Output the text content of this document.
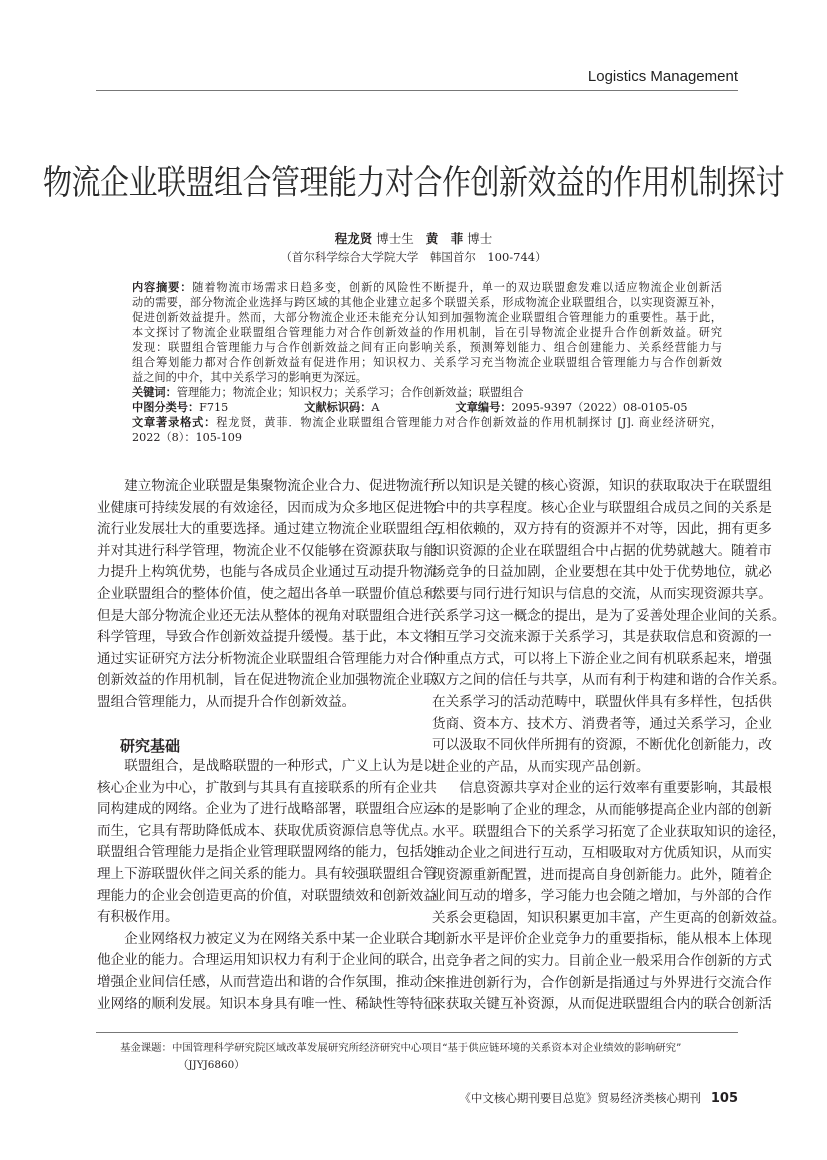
Logistics Management
物流企业联盟组合管理能力对合作创新效益的作用机制探讨
程龙贤 博士生 黄　菲 博士
（首尔科学综合大学院大学　韩国首尔　100-744）
内容摘要：随着物流市场需求日趋多变，创新的风险性不断提升，单一的双边联盟愈发难以适应物流企业创新活
动的需要，部分物流企业选择与跨区域的其他企业建立起多个联盟关系，形成物流企业联盟组合，以实现资源互补，
促进创新效益提升。然而，大部分物流企业还未能充分认知到加强物流企业联盟组合管理能力的重要性。基于此，
本文探讨了物流企业联盟组合管理能力对合作创新效益的作用机制，旨在引导物流企业提升合作创新效益。研究
发现：联盟组合管理能力与合作创新效益之间有正向影响关系，预测筹划能力、组合创建能力、关系经营能力与
组合筹划能力都对合作创新效益有促进作用；知识权力、关系学习充当物流企业联盟组合管理能力与合作创新效
益之间的中介，其中关系学习的影响更为深远。
关键词：管理能力；物流企业；知识权力；关系学习；合作创新效益；联盟组合
中图分类号：F715	文献标识码：A	文章编号：2095-9397（2022）08-0105-05
文章著录格式：程龙贤，黄菲．物流企业联盟组合管理能力对合作创新效益的作用机制探讨 [J]. 商业经济研究，
2022（8）：105-109
建立物流企业联盟是集聚物流企业合力、促进物流行
业健康可持续发展的有效途径，因而成为众多地区促进物
流行业发展壮大的重要选择。通过建立物流企业联盟组合，
并对其进行科学管理，物流企业不仅能够在资源获取与能
力提升上构筑优势，也能与各成员企业通过互动提升物流
企业联盟组合的整体价值，使之超出各单一联盟价值总和。
但是大部分物流企业还无法从整体的视角对联盟组合进行
科学管理，导致合作创新效益提升缓慢。基于此，本文将
通过实证研究方法分析物流企业联盟组合管理能力对合作
创新效益的作用机制，旨在促进物流企业加强物流企业联
盟组合管理能力，从而提升合作创新效益。
研究基础
联盟组合，是战略联盟的一种形式，广义上认为是以
核心企业为中心，扩散到与其具有直接联系的所有企业共
同构建成的网络。企业为了进行战略部署，联盟组合应运
而生，它具有帮助降低成本、获取优质资源信息等优点。
联盟组合管理能力是指企业管理联盟网络的能力，包括处
理上下游联盟伙伴之间关系的能力。具有较强联盟组合管
理能力的企业会创造更高的价值，对联盟绩效和创新效益
有积极作用。
企业网络权力被定义为在网络关系中某一企业联合其
他企业的能力。合理运用知识权力有利于企业间的联合，
增强企业间信任感，从而营造出和谐的合作氛围，推动企
业网络的顺利发展。知识本身具有唯一性、稀缺性等特征，
所以知识是关键的核心资源，知识的获取取决于在联盟组
合中的共享程度。核心企业与联盟组合成员之间的关系是
互相依赖的，双方持有的资源并不对等，因此，拥有更多
知识资源的企业在联盟组合中占据的优势就越大。随着市
场竞争的日益加剧，企业要想在其中处于优势地位，就必
然要与同行进行知识与信息的交流，从而实现资源共享。
关系学习这一概念的提出，是为了妥善处理企业间的关系。
相互学习交流来源于关系学习，其是获取信息和资源的一
种重点方式，可以将上下游企业之间有机联系起来，增强
双方之间的信任与共享，从而有利于构建和谐的合作关系。
在关系学习的活动范畴中，联盟伙伴具有多样性，包括供
货商、资本方、技术方、消费者等，通过关系学习，企业
可以汲取不同伙伴所拥有的资源，不断优化创新能力，改
进企业的产品，从而实现产品创新。
信息资源共享对企业的运行效率有重要影响，其最根
本的是影响了企业的理念，从而能够提高企业内部的创新
水平。联盟组合下的关系学习拓宽了企业获取知识的途径，
推动企业之间进行互动，互相吸取对方优质知识，从而实
现资源重新配置，进而提高自身创新能力。此外，随着企
业间互动的增多，学习能力也会随之增加，与外部的合作
关系会更稳固，知识积累更加丰富，产生更高的创新效益。
创新水平是评价企业竞争力的重要指标，能从根本上体现
出竞争者之间的实力。目前企业一般采用合作创新的方式
来推进创新行为，合作创新是指通过与外界进行交流合作
来获取关键互补资源，从而促进联盟组合内的联合创新活
基金课题：中国管理科学研究院区域改革发展研究所经济研究中心项目“基于供应链环境的关系资本对企业绩效的影响研究”
（JJYJ6860）
《中文核心期刊要目总览》贸易经济类核心期刊 105
